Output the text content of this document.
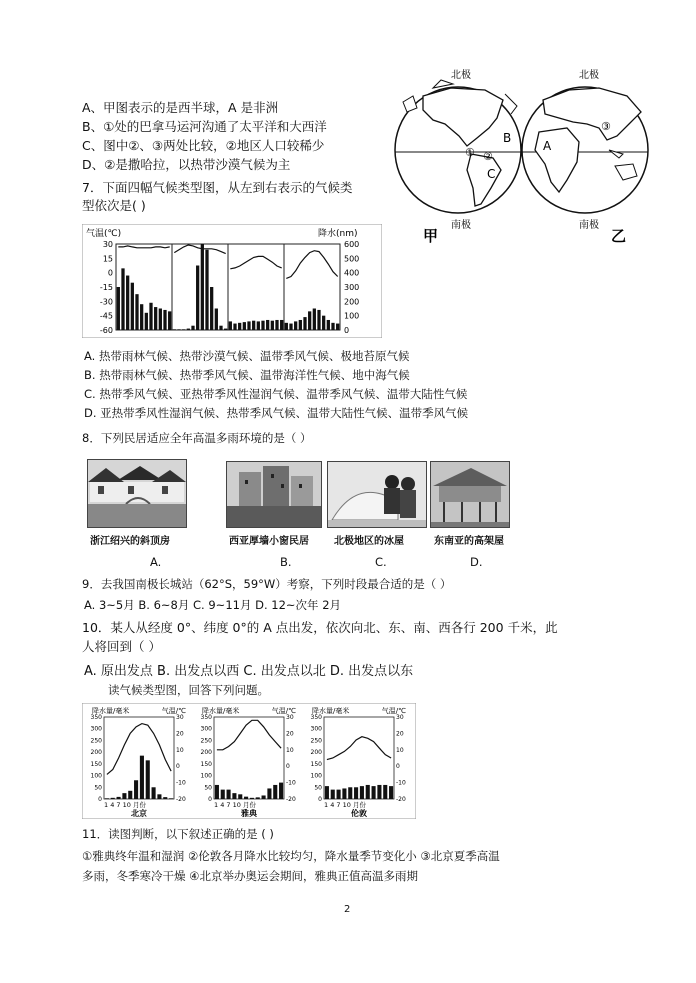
A、甲图表示的是西半球，A 是非洲
B、①处的巴拿马运河沟通了太平洋和大西洋
C、图中②、③两处比较，②地区人口较稀少
D、②是撒哈拉，以热带沙漠气候为主
北极	北极
南极	南极
① ②
③
B
C
A
甲	乙
7．下面四幅气候类型图，从左到右表示的气候类
型依次是( )
气温(℃)	降水(nm)
30
15
0
-15
-30
-45
-60
600
500
400
300
200
100
0
A. 热带雨林气候、热带沙漠气候、温带季风气候、极地苔原气候
B. 热带雨林气候、热带季风气候、温带海洋性气候、地中海气候
C. 热带季风气候、亚热带季风性湿润气候、温带季风气候、温带大陆性气候
D. 亚热带季风性湿润气候、热带季风气候、温带大陆性气候、温带季风气候
8．下列民居适应全年高温多雨环境的是（ ）
浙江绍兴的斜顶房
A.
西亚厚墙小窗民居
B.
北极地区的冰屋
C.
东南亚的高架屋
D.
9．去我国南极长城站（62°S，59°W）考察，下列时段最合适的是（ ）
A. 3~5月 B. 6~8月 C. 9~11月 D. 12~次年 2月
10．某人从经度 0°、纬度 0°的 A 点出发，依次向北、东、南、西各行 200 千米，此
人将回到（ ）
A. 原出发点 B. 出发点以西 C. 出发点以北 D. 出发点以东
读气候类型图，回答下列问题。
降水量/毫米	气温/℃
350
300
250
200
150
100
50
0
30
20
10
0
-10
-20
1 4 7 10 月份
北京
降水量/毫米	气温/℃
350
300
250
200
150
100
50
0
30
20
10
0
-10
-20
1 4 7 10 月份
雅典
降水量/毫米	气温/℃
350
300
250
200
150
100
50
0
30
20
10
0
-10
-20
1 4 7 10 月份
伦敦
11．读图判断，以下叙述正确的是 ( )
①雅典终年温和湿润 ②伦敦各月降水比较均匀，降水量季节变化小 ③北京夏季高温
多雨，冬季寒冷干燥 ④北京举办奥运会期间，雅典正值高温多雨期
2
